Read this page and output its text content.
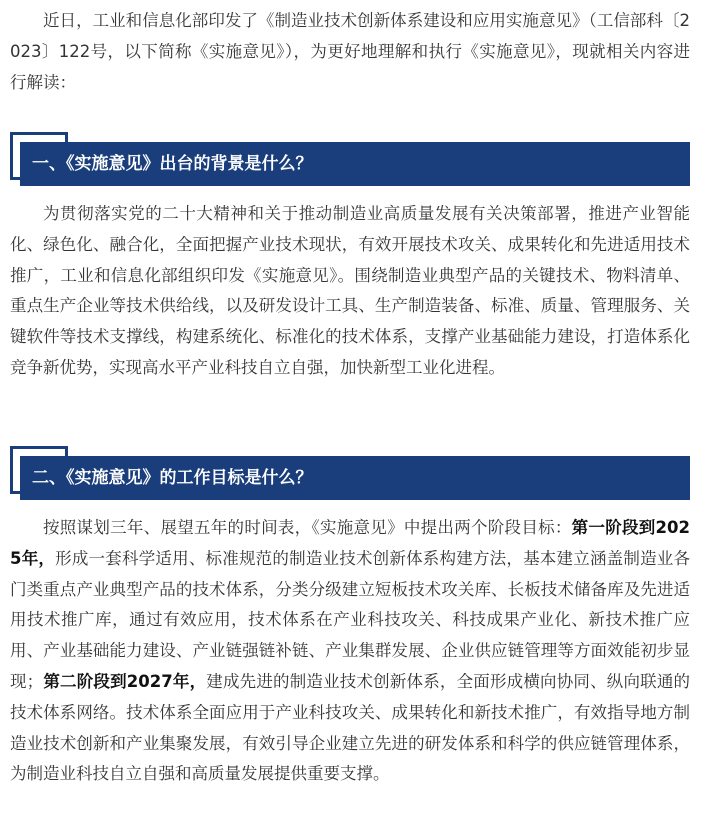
近日，工业和信息化部印发了《制造业技术创新体系建设和应用实施意见》（工信部科〔2023〕122号，以下简称《实施意见》），为更好地理解和执行《实施意见》，现就相关内容进行解读：

一、《实施意见》出台的背景是什么？

为贯彻落实党的二十大精神和关于推动制造业高质量发展有关决策部署，推进产业智能化、绿色化、融合化，全面把握产业技术现状，有效开展技术攻关、成果转化和先进适用技术推广，工业和信息化部组织印发《实施意见》。围绕制造业典型产品的关键技术、物料清单、重点生产企业等技术供给线，以及研发设计工具、生产制造装备、标准、质量、管理服务、关键软件等技术支撑线，构建系统化、标准化的技术体系，支撑产业基础能力建设，打造体系化竞争新优势，实现高水平产业科技自立自强，加快新型工业化进程。

二、《实施意见》的工作目标是什么？

按照谋划三年、展望五年的时间表，《实施意见》中提出两个阶段目标：第一阶段到2025年，形成一套科学适用、标准规范的制造业技术创新体系构建方法，基本建立涵盖制造业各门类重点产业典型产品的技术体系，分类分级建立短板技术攻关库、长板技术储备库及先进适用技术推广库，通过有效应用，技术体系在产业科技攻关、科技成果产业化、新技术推广应用、产业基础能力建设、产业链强链补链、产业集群发展、企业供应链管理等方面效能初步显现；第二阶段到2027年，建成先进的制造业技术创新体系，全面形成横向协同、纵向联通的技术体系网络。技术体系全面应用于产业科技攻关、成果转化和新技术推广，有效指导地方制造业技术创新和产业集聚发展，有效引导企业建立先进的研发体系和科学的供应链管理体系，为制造业科技自立自强和高质量发展提供重要支撑。
